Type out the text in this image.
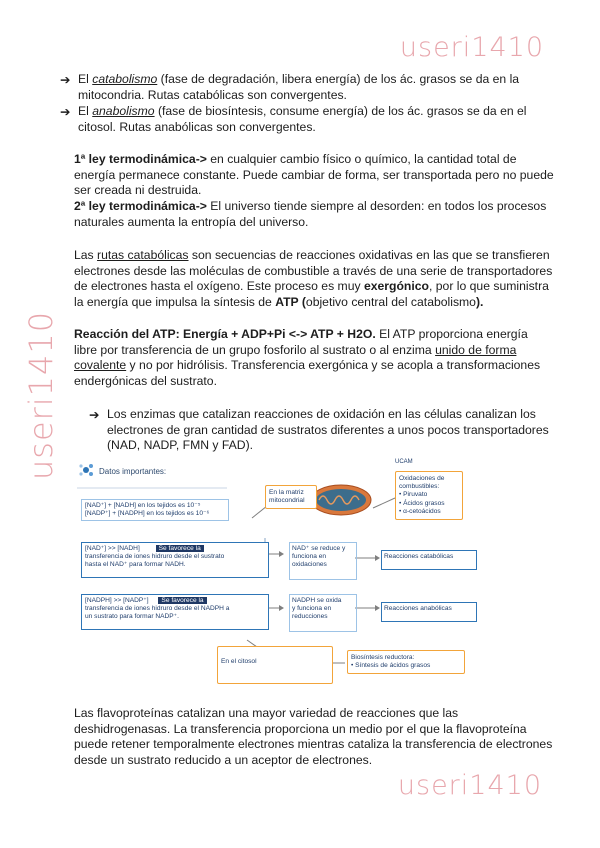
useri1410
useri1410
useri1410
➔ El catabolismo (fase de degradación, libera energía) de los ác. grasos se da en la
mitocondria. Rutas catabólicas son convergentes.
➔ El anabolismo (fase de biosíntesis, consume energía) de los ác. grasos se da en el
citosol. Rutas anabólicas son convergentes.
1ª ley termodinámica-> en cualquier cambio físico o químico, la cantidad total de
energía permanece constante. Puede cambiar de forma, ser transportada pero no puede
ser creada ni destruida.
2ª ley termodinámica-> El universo tiende siempre al desorden: en todos los procesos
naturales aumenta la entropía del universo.
Las rutas catabólicas son secuencias de reacciones oxidativas en las que se transfieren
electrones desde las moléculas de combustible a través de una serie de transportadores
de electrones hasta el oxígeno. Este proceso es muy exergónico, por lo que suministra
la energía que impulsa la síntesis de ATP (objetivo central del catabolismo).
Reacción del ATP: Energía + ADP+Pi <-> ATP + H2O. El ATP proporciona energía
libre por transferencia de un grupo fosforilo al sustrato o al enzima unido de forma
covalente y no por hidrólisis. Transferencia exergónica y se acopla a transformaciones
endergónicas del sustrato.
➔ Los enzimas que catalizan reacciones de oxidación en las células canalizan los
electrones de gran cantidad de sustratos diferentes a unos pocos transportadores
(NAD, NADP, FMN y FAD).
UCAM
Datos importantes:
[NAD⁺] + [NADH] en los tejidos es 10⁻⁵
[NADP⁺] + [NADPH] en los tejidos es 10⁻⁶
En la matriz
mitocondrial
Oxidaciones de
combustibles:
• Piruvato
• Ácidos grasos
• α-cetoácidos
[NAD⁺] >> [NADH]	Se favorece la
transferencia de iones hidruro desde el sustrato
hasta el NAD⁺ para formar NADH.
NAD⁺ se reduce y
funciona en
oxidaciones
Reacciones catabólicas
[NADPH] >> [NADP⁺] Se favorece la
transferencia de iones hidruro desde el NADPH a
un sustrato para formar NADP⁺.
NADPH se oxida
y funciona en
reducciones
Reacciones anabólicas
En el citosol
Biosíntesis reductora:
• Síntesis de ácidos grasos
Las flavoproteínas catalizan una mayor variedad de reacciones que las
deshidrogenasas. La transferencia proporciona un medio por el que la flavoproteína
puede retener temporalmente electrones mientras cataliza la transferencia de electrones
desde un sustrato reducido a un aceptor de electrones.
